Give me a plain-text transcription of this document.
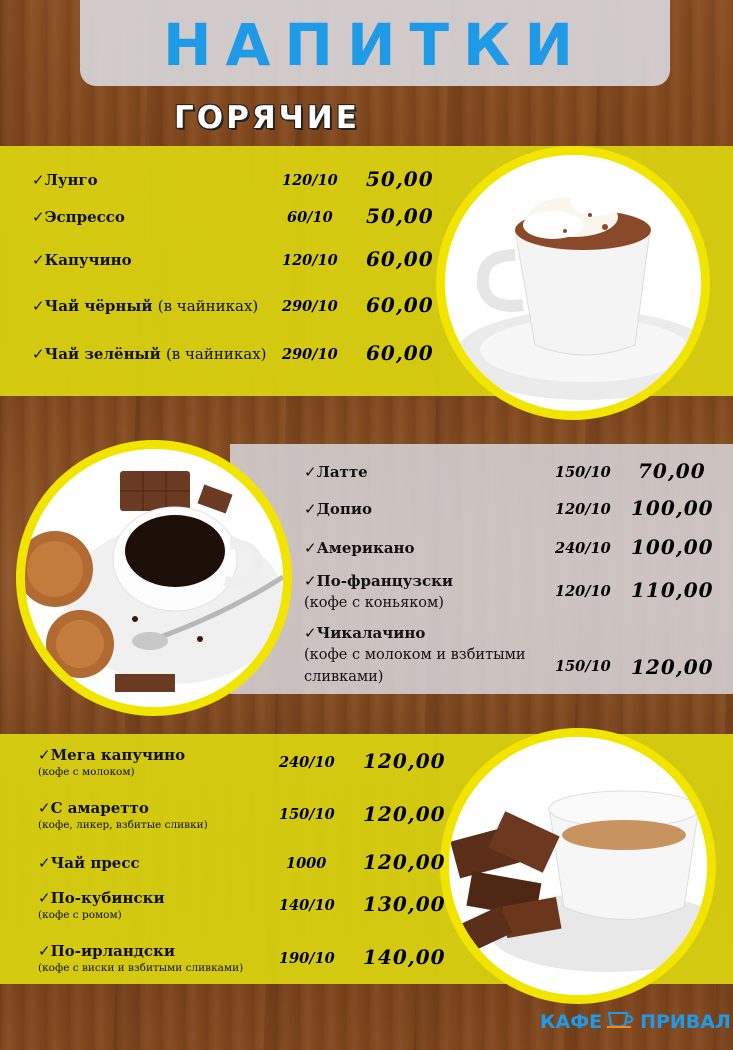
НАПИТКИ
ГОРЯЧИЕ
✓Лунго	120/10 50,00
✓Эспрессо	60/10 50,00
✓Капучино	120/10 60,00
✓Чай чёрный (в чайниках) 290/10 60,00
✓Чай зелёный (в чайниках) 290/10 60,00
✓Латте	150/10 70,00
✓Допио	120/10 100,00
✓Американо	240/10 100,00
✓По-французски
(кофе с коньяком)
120/10 110,00
✓Чикалачино
(кофе с молоком и взбитыми
сливками)
150/10 120,00
✓Мега капучино
(кофе с молоком)
240/10 120,00
✓С амаретто
(кофе, ликер, взбитые сливки)
150/10 120,00
✓Чай пресс	1000 120,00
✓По-кубински
(кофе с ромом)
140/10 130,00
✓По-ирландски
(кофе с виски и взбитыми сливками)
190/10 140,00
КАФЕ ПРИВАЛ
